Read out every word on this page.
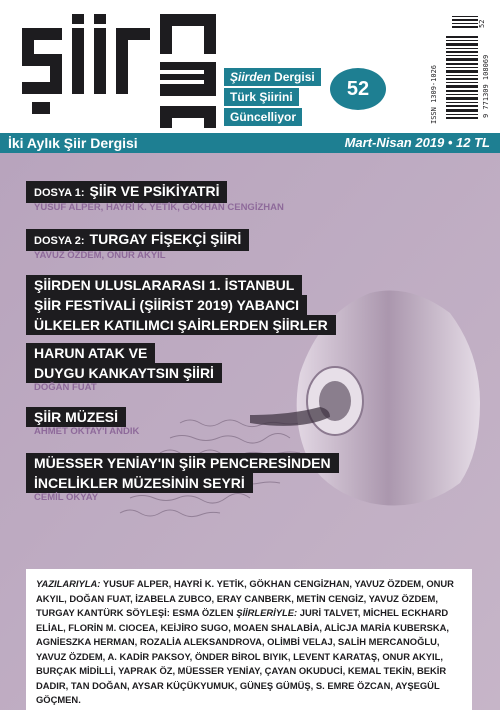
Şiirden Dergisi
Türk Şiirini
Güncelliyor
52	ISSN 1309-1026	9 771309 108069
52
İki Aylık Şiir Dergisi	Mart-Nisan 2019 • 12 TL
DOSYA 1: ŞİİR VE PSİKİYATRİ
YUSUF ALPER, HAYRİ K. YETİK, GÖKHAN CENGİZHAN
DOSYA 2: TURGAY FİŞEKÇİ ŞİİRİ
YAVUZ ÖZDEM, ONUR AKYIL
ŞİİRDEN ULUSLARARASI 1. İSTANBUL
ŞİİR FESTİVALİ (ŞİİRİST 2019) YABANCI
ÜLKELER KATILIMCI ŞAİRLERDEN ŞİİRLER
HARUN ATAK VE
DUYGU KANKAYTSIN ŞİİRİ
DOĞAN FUAT
ŞİİR MÜZESİ
AHMET OKTAY'I ANDIK
MÜESSER YENİAY'IN ŞİİR PENCERESİNDEN
İNCELİKLER MÜZESİNİN SEYRİ
CEMİL OKYAY
YAZILARIYLA: YUSUF ALPER, HAYRİ K. YETİK, GÖKHAN CENGİZHAN, YAVUZ ÖZDEM, ONUR AKYIL, DOĞAN FUAT, İZABELA ZUBCO, ERAY CANBERK, METİN CENGİZ, YAVUZ ÖZDEM, TURGAY KANTÜRK SÖYLEŞİ: ESMA ÖZLEN ŞİİRLERİYLE: JURİ TALVET, MİCHEL ECKHARD ELİAL, FLORİN M. CIOCEA, KEİJİRO SUGO, MOAEN SHALABİA, ALİCJA MARİA KUBERSKA, AGNİESZKA HERMAN, ROZALİA ALEKSANDROVA, OLİMBİ VELAJ, SALİH MERCANOĞLU, YAVUZ ÖZDEM, A. KADİR PAKSOY, ÖNDER BİROL BIYIK, LEVENT KARATAŞ, ONUR AKYIL, BURÇAK MİDİLLİ, YAPRAK ÖZ, MÜESSER YENİAY, ÇAYAN OKUDUCİ, KEMAL TEKİN, BEKİR DADIR, TAN DOĞAN, AYSAR KÜÇÜKYUMUK, GÜNEŞ GÜMÜŞ, S. EMRE ÖZCAN, AYŞEGÜL GÖÇMEN.
